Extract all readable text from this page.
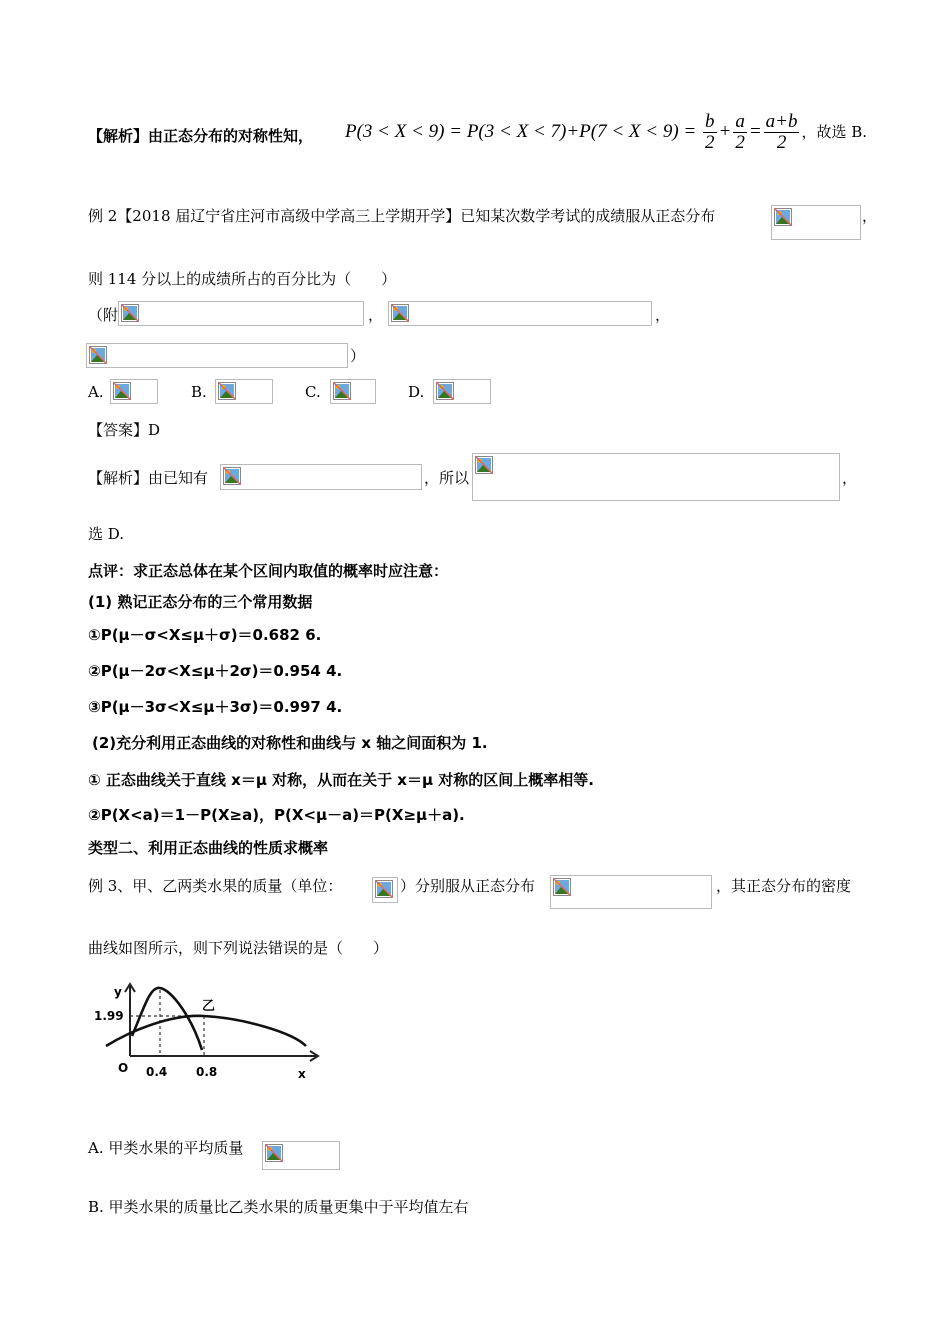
【解析】由正态分布的对称性知， $P(3 < X < 9) = P(3 < X < 7)+P(7 < X < 9) = \frac{b}{2} + \frac{a}{2} = \frac{a+b}{2}$ ，故选 B.
例 2【2018 届辽宁省庄河市高级中学高三上学期开学】已知某次数学考试的成绩服从正态分布	，
则 114 分以上的成绩所占的百分比为（　　）
（附	，	，
）
A.	B.	C.	D.
【答案】D
【解析】由已知有	，所以	，
选 D.
点评：求正态总体在某个区间内取值的概率时应注意：
(1) 熟记正态分布的三个常用数据
①P(μ－σ<X≤μ＋σ)＝0.682 6.
②P(μ－2σ<X≤μ＋2σ)＝0.954 4.
③P(μ－3σ<X≤μ＋3σ)＝0.997 4.
(2)充分利用正态曲线的对称性和曲线与 x 轴之间面积为 1.
① 正态曲线关于直线 x＝μ 对称，从而在关于 x＝μ 对称的区间上概率相等.
②P(X<a)＝1－P(X≥a)，P(X<μ－a)＝P(X≥μ＋a).
类型二、利用正态曲线的性质求概率
例 3、甲、乙两类水果的质量（单位：	）分别服从正态分布	，其正态分布的密度
曲线如图所示，则下列说法错误的是（　　）
y
1.99
O 0.4 0.8	x
乙
A. 甲类水果的平均质量
B. 甲类水果的质量比乙类水果的质量更集中于平均值左右
